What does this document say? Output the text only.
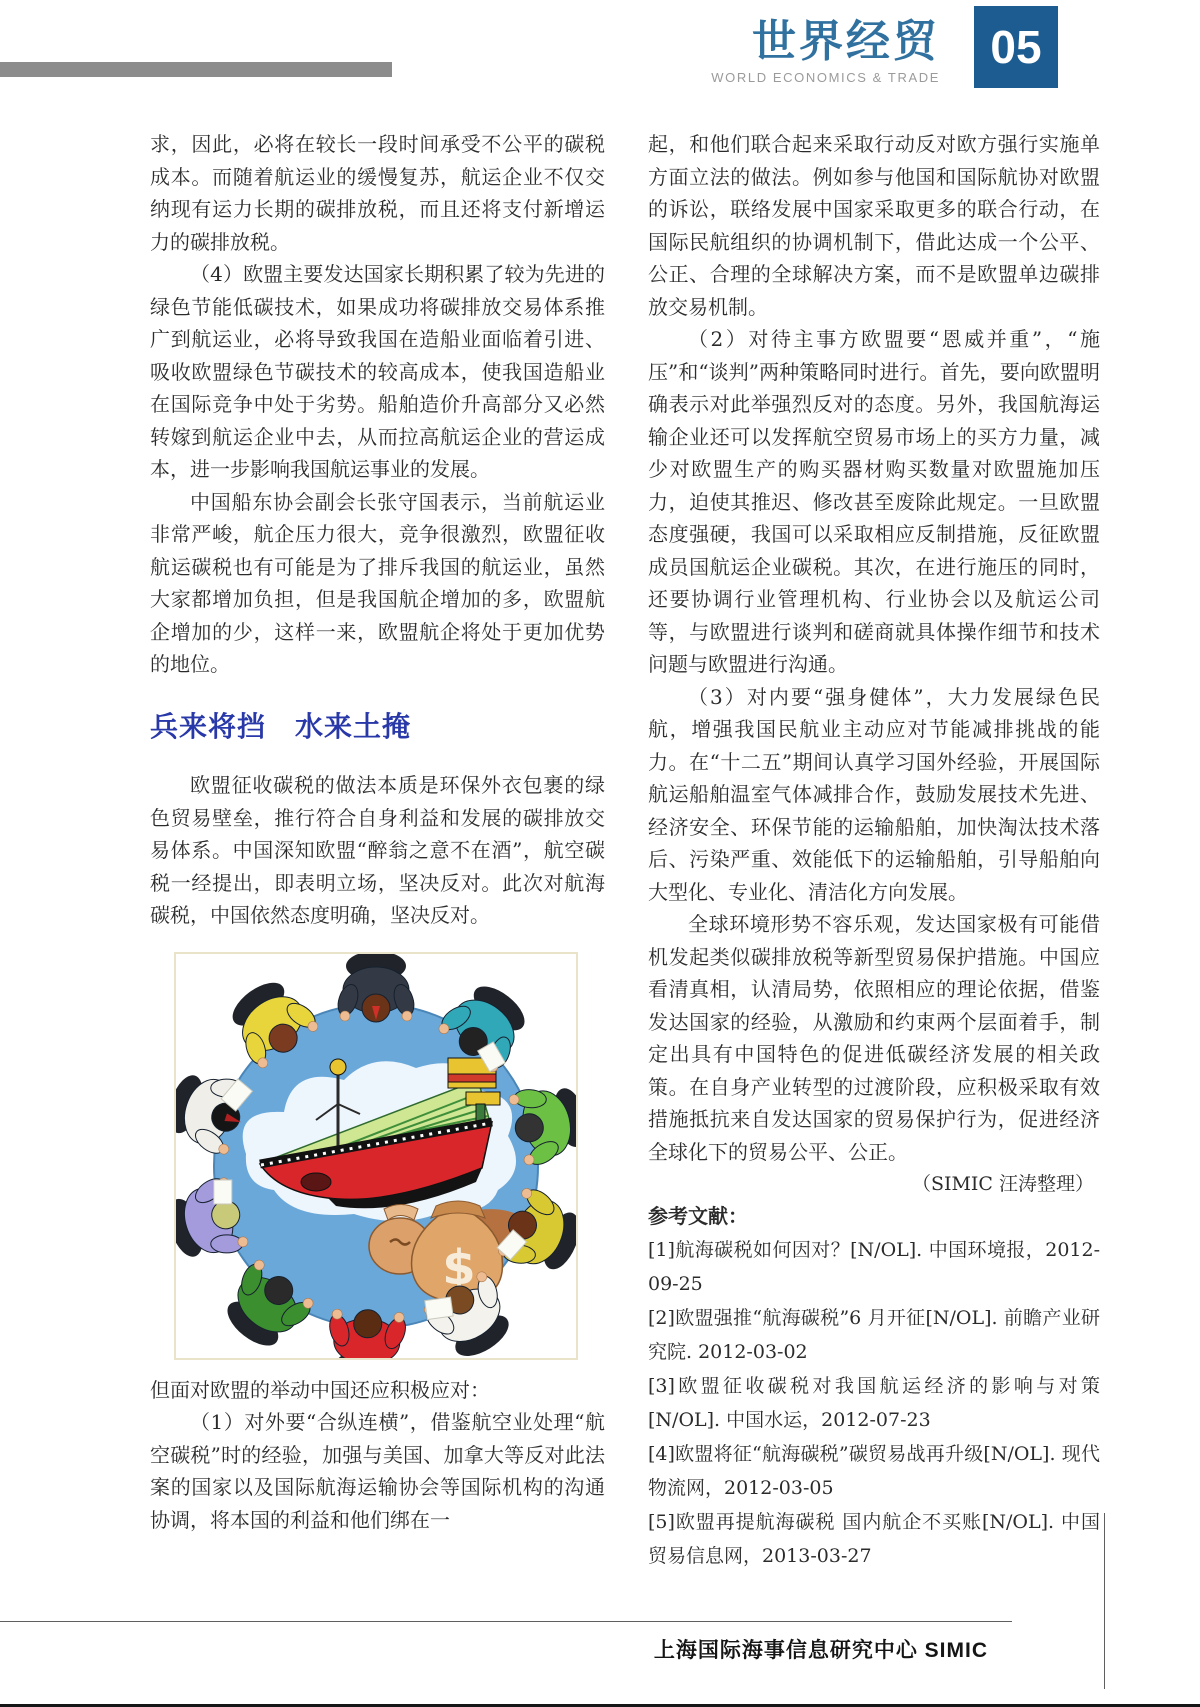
世界经贸
WORLD ECONOMICS & TRADE
05

求，因此，必将在较长一段时间承受不公平的碳税成本。而随着航运业的缓慢复苏，航运企业不仅交纳现有运力长期的碳排放税，而且还将支付新增运力的碳排放税。

（4）欧盟主要发达国家长期积累了较为先进的绿色节能低碳技术，如果成功将碳排放交易体系推广到航运业，必将导致我国在造船业面临着引进、吸收欧盟绿色节碳技术的较高成本，使我国造船业在国际竞争中处于劣势。船舶造价升高部分又必然转嫁到航运企业中去，从而拉高航运企业的营运成本，进一步影响我国航运事业的发展。

中国船东协会副会长张守国表示，当前航运业非常严峻，航企压力很大，竞争很激烈，欧盟征收航运碳税也有可能是为了排斥我国的航运业，虽然大家都增加负担，但是我国航企增加的多，欧盟航企增加的少，这样一来，欧盟航企将处于更加优势的地位。

兵来将挡　水来土掩

欧盟征收碳税的做法本质是环保外衣包裹的绿色贸易壁垒，推行符合自身利益和发展的碳排放交易体系。中国深知欧盟“醉翁之意不在酒”，航空碳税一经提出，即表明立场，坚决反对。此次对航海碳税，中国依然态度明确，坚决反对。

$

但面对欧盟的举动中国还应积极应对：

（1）对外要“合纵连横”，借鉴航空业处理“航空碳税”时的经验，加强与美国、加拿大等反对此法案的国家以及国际航海运输协会等国际机构的沟通协调，将本国的利益和他们绑在一

起，和他们联合起来采取行动反对欧方强行实施单方面立法的做法。例如参与他国和国际航协对欧盟的诉讼，联络发展中国家采取更多的联合行动，在国际民航组织的协调机制下，借此达成一个公平、公正、合理的全球解决方案，而不是欧盟单边碳排放交易机制。

（2）对待主事方欧盟要“恩威并重”，“施压”和“谈判”两种策略同时进行。首先，要向欧盟明确表示对此举强烈反对的态度。另外，我国航海运输企业还可以发挥航空贸易市场上的买方力量，减少对欧盟生产的购买器材购买数量对欧盟施加压力，迫使其推迟、修改甚至废除此规定。一旦欧盟态度强硬，我国可以采取相应反制措施，反征欧盟成员国航运企业碳税。其次，在进行施压的同时，还要协调行业管理机构、行业协会以及航运公司等，与欧盟进行谈判和磋商就具体操作细节和技术问题与欧盟进行沟通。

（3）对内要“强身健体”，大力发展绿色民航，增强我国民航业主动应对节能减排挑战的能力。在“十二五”期间认真学习国外经验，开展国际航运船舶温室气体减排合作，鼓励发展技术先进、经济安全、环保节能的运输船舶，加快淘汰技术落后、污染严重、效能低下的运输船舶，引导船舶向大型化、专业化、清洁化方向发展。

全球环境形势不容乐观，发达国家极有可能借机发起类似碳排放税等新型贸易保护措施。中国应看清真相，认清局势，依照相应的理论依据，借鉴发达国家的经验，从激励和约束两个层面着手，制定出具有中国特色的促进低碳经济发展的相关政策。在自身产业转型的过渡阶段，应积极采取有效措施抵抗来自发达国家的贸易保护行为，促进经济全球化下的贸易公平、公正。

（SIMIC 汪涛整理）

参考文献：

[1]航海碳税如何因对？[N/OL]. 中国环境报，2012-09-25

[2]欧盟强推“航海碳税”6 月开征[N/OL]. 前瞻产业研究院. 2012-03-02

[3]欧盟征收碳税对我国航运经济的影响与对策[N/OL]. 中国水运，2012-07-23

[4]欧盟将征“航海碳税”碳贸易战再升级[N/OL]. 现代物流网，2012-03-05

[5]欧盟再提航海碳税 国内航企不买账[N/OL]. 中国贸易信息网，2013-03-27

上海国际海事信息研究中心 SIMIC
